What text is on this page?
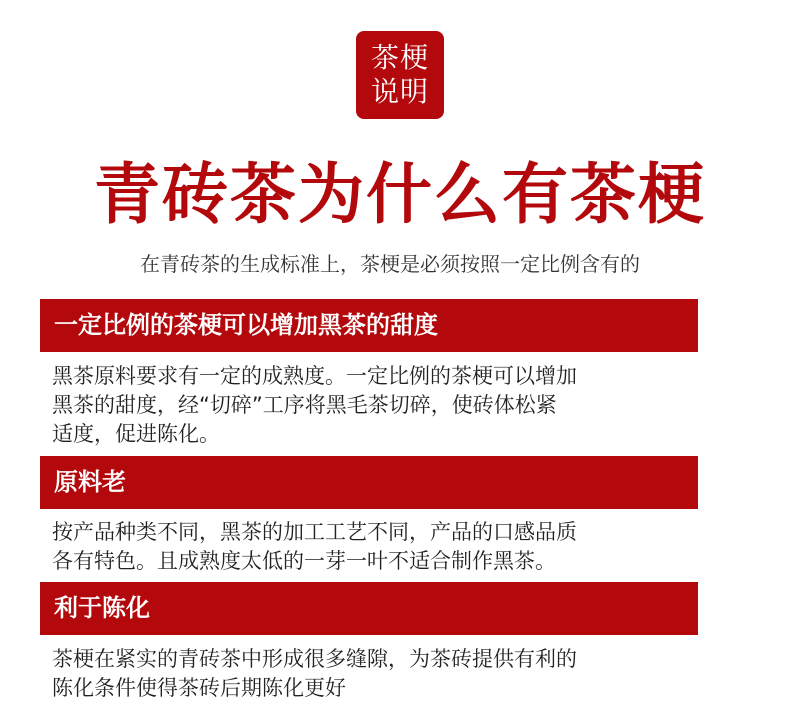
茶梗
说明
青砖茶为什么有茶梗
在青砖茶的生成标准上，茶梗是必须按照一定比例含有的
一定比例的茶梗可以增加黑茶的甜度
黑茶原料要求有一定的成熟度。一定比例的茶梗可以增加
黑茶的甜度，经“切碎”工序将黑毛茶切碎，使砖体松紧
适度，促进陈化。
原料老
按产品种类不同，黑茶的加工工艺不同，产品的口感品质
各有特色。且成熟度太低的一芽一叶不适合制作黑茶。
利于陈化
茶梗在紧实的青砖茶中形成很多缝隙，为茶砖提供有利的
陈化条件使得茶砖后期陈化更好
